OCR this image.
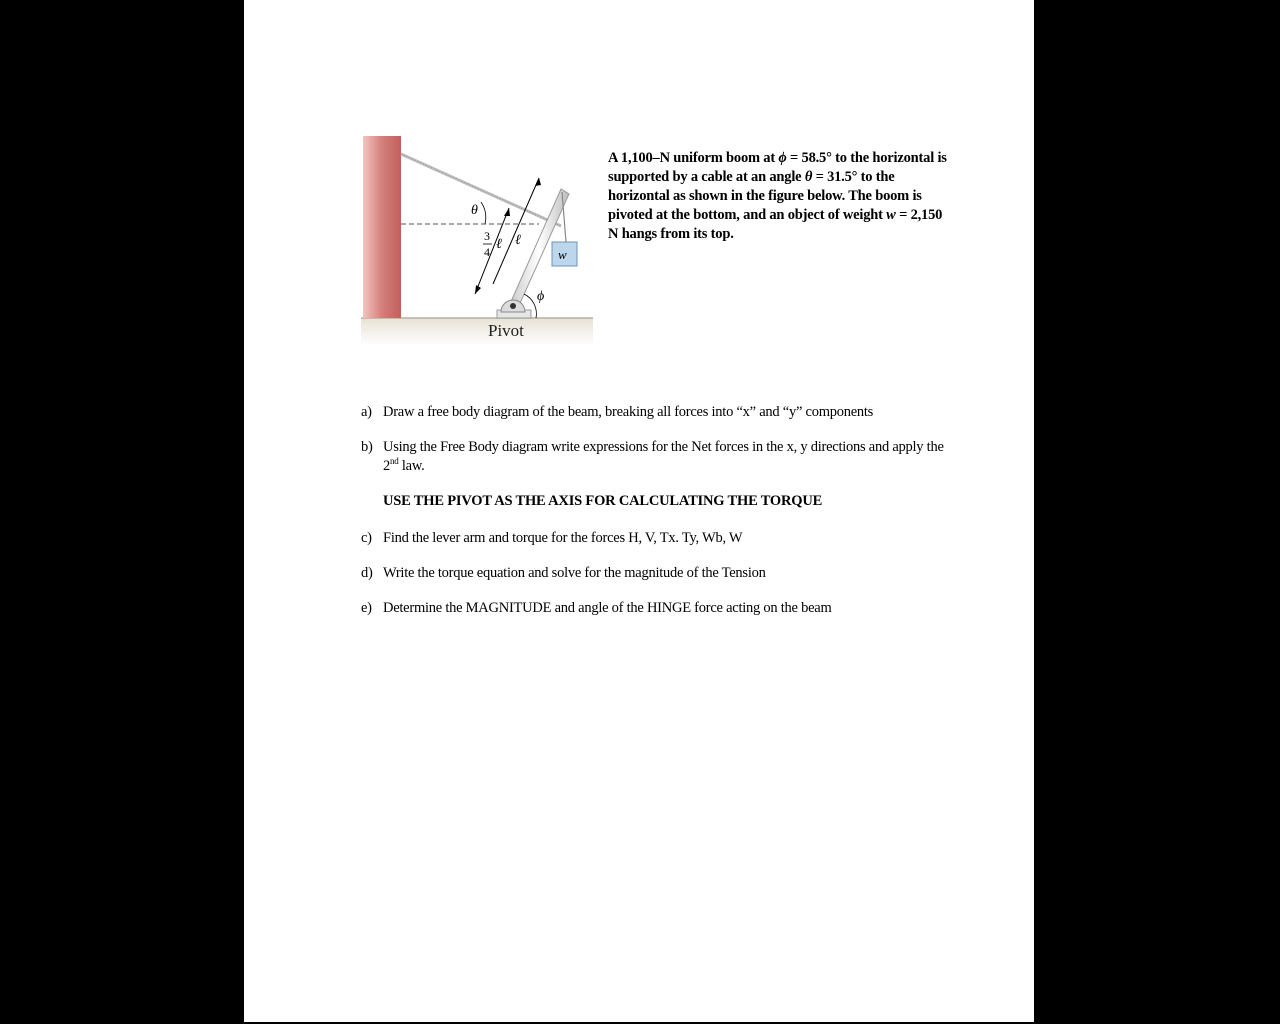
θ
3
4 ℓ ℓ
w
ϕ
Pivot
A 1,100–N uniform boom at ϕ = 58.5° to the horizontal is supported by a cable at an angle θ = 31.5° to the horizontal as shown in the figure below. The boom is pivoted at the bottom, and an object of weight w = 2,150 N hangs from its top.
a) Draw a free body diagram of the beam, breaking all forces into “x” and “y” components
b) Using the Free Body diagram write expressions for the Net forces in the x, y directions and apply the 2nd law.
USE THE PIVOT AS THE AXIS FOR CALCULATING THE TORQUE
c) Find the lever arm and torque for the forces H, V, Tx. Ty, Wb, W
d) Write the torque equation and solve for the magnitude of the Tension
e) Determine the MAGNITUDE and angle of the HINGE force acting on the beam
